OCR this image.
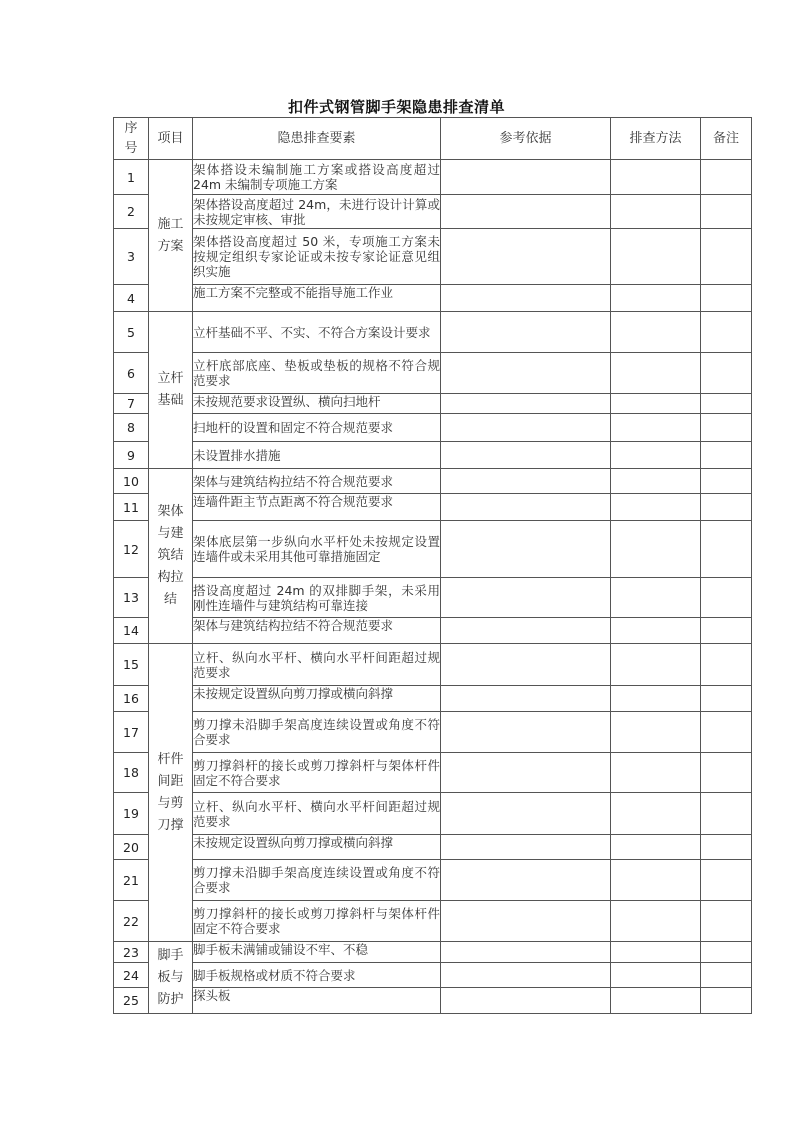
扣件式钢管脚手架隐患排查清单
序号	项目	隐患排查要素	参考依据	排查方法	备注
1	施工方案	架体搭设未编制施工方案或搭设高度超过 24m 未编制专项施工方案			
2		架体搭设高度超过 24m，未进行设计计算或未按规定审核、审批			
3		架体搭设高度超过 50 米，专项施工方案未按规定组织专家论证或未按专家论证意见组织实施			
4		施工方案不完整或不能指导施工作业			
5	立杆基础	立杆基础不平、不实、不符合方案设计要求			
6		立杆底部底座、垫板或垫板的规格不符合规范要求			
7		未按规范要求设置纵、横向扫地杆			
8		扫地杆的设置和固定不符合规范要求			
9		未设置排水措施			
10	架体与建筑结构拉结	架体与建筑结构拉结不符合规范要求			
11		连墙件距主节点距离不符合规范要求			
12		架体底层第一步纵向水平杆处未按规定设置连墙件或未采用其他可靠措施固定			
13		搭设高度超过 24m 的双排脚手架，未采用刚性连墙件与建筑结构可靠连接			
14		架体与建筑结构拉结不符合规范要求			
15	杆件间距与剪刀撑	立杆、纵向水平杆、横向水平杆间距超过规范要求			
16		未按规定设置纵向剪刀撑或横向斜撑			
17		剪刀撑未沿脚手架高度连续设置或角度不符合要求			
18		剪刀撑斜杆的接长或剪刀撑斜杆与架体杆件固定不符合要求			
19		立杆、纵向水平杆、横向水平杆间距超过规范要求			
20		未按规定设置纵向剪刀撑或横向斜撑			
21		剪刀撑未沿脚手架高度连续设置或角度不符合要求			
22		剪刀撑斜杆的接长或剪刀撑斜杆与架体杆件固定不符合要求			
23	脚手板与防护	脚手板未满铺或铺设不牢、不稳			
24		脚手板规格或材质不符合要求			
25		探头板			
